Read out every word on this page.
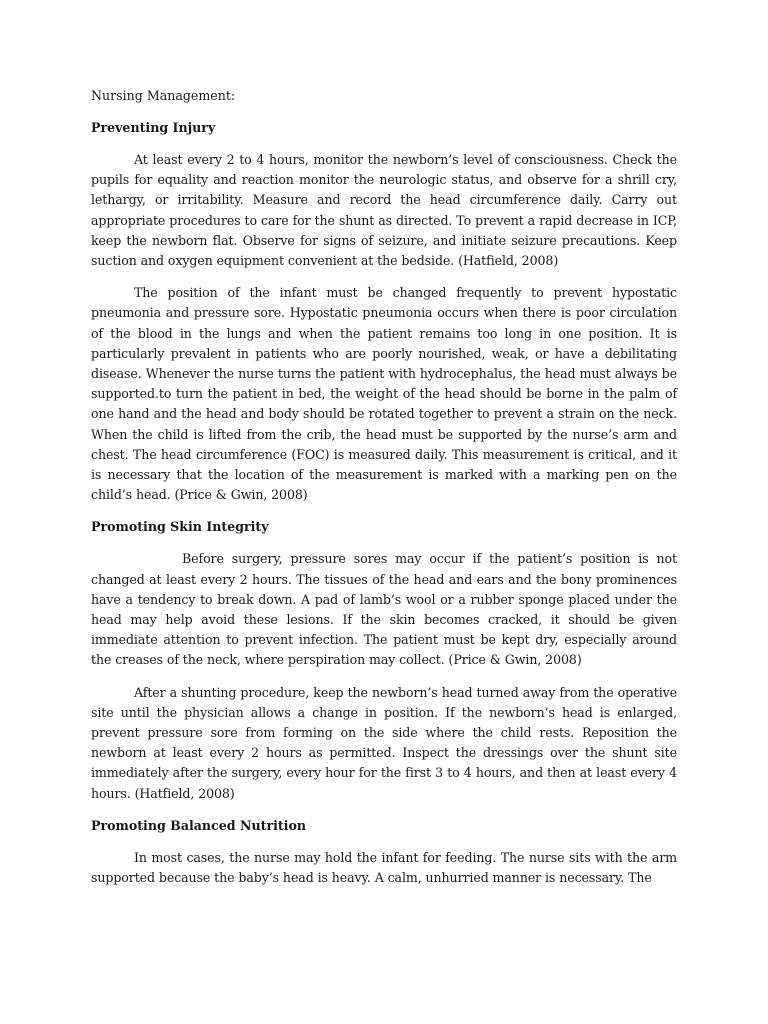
Nursing Management:

Preventing Injury

At least every 2 to 4 hours, monitor the newborn’s level of consciousness. Check the pupils for equality and reaction monitor the neurologic status, and observe for a shrill cry, lethargy, or irritability. Measure and record the head circumference daily. Carry out appropriate procedures to care for the shunt as directed. To prevent a rapid decrease in ICP, keep the newborn flat. Observe for signs of seizure, and initiate seizure precautions. Keep suction and oxygen equipment convenient at the bedside. (Hatfield, 2008)

The position of the infant must be changed frequently to prevent hypostatic pneumonia and pressure sore. Hypostatic pneumonia occurs when there is poor circulation of the blood in the lungs and when the patient remains too long in one position. It is particularly prevalent in patients who are poorly nourished, weak, or have a debilitating disease. Whenever the nurse turns the patient with hydrocephalus, the head must always be supported.to turn the patient in bed, the weight of the head should be borne in the palm of one hand and the head and body should be rotated together to prevent a strain on the neck. When the child is lifted from the crib, the head must be supported by the nurse’s arm and chest. The head circumference (FOC) is measured daily. This measurement is critical, and it is necessary that the location of the measurement is marked with a marking pen on the child’s head. (Price & Gwin, 2008)

Promoting Skin Integrity

Before surgery, pressure sores may occur if the patient’s position is not changed at least every 2 hours. The tissues of the head and ears and the bony prominences have a tendency to break down. A pad of lamb’s wool or a rubber sponge placed under the head may help avoid these lesions. If the skin becomes cracked, it should be given immediate attention to prevent infection. The patient must be kept dry, especially around the creases of the neck, where perspiration may collect. (Price & Gwin, 2008)

After a shunting procedure, keep the newborn’s head turned away from the operative site until the physician allows a change in position. If the newborn’s head is enlarged, prevent pressure sore from forming on the side where the child rests. Reposition the newborn at least every 2 hours as permitted. Inspect the dressings over the shunt site immediately after the surgery, every hour for the first 3 to 4 hours, and then at least every 4 hours. (Hatfield, 2008)

Promoting Balanced Nutrition

In most cases, the nurse may hold the infant for feeding. The nurse sits with the arm supported because the baby’s head is heavy. A calm, unhurried manner is necessary. The
